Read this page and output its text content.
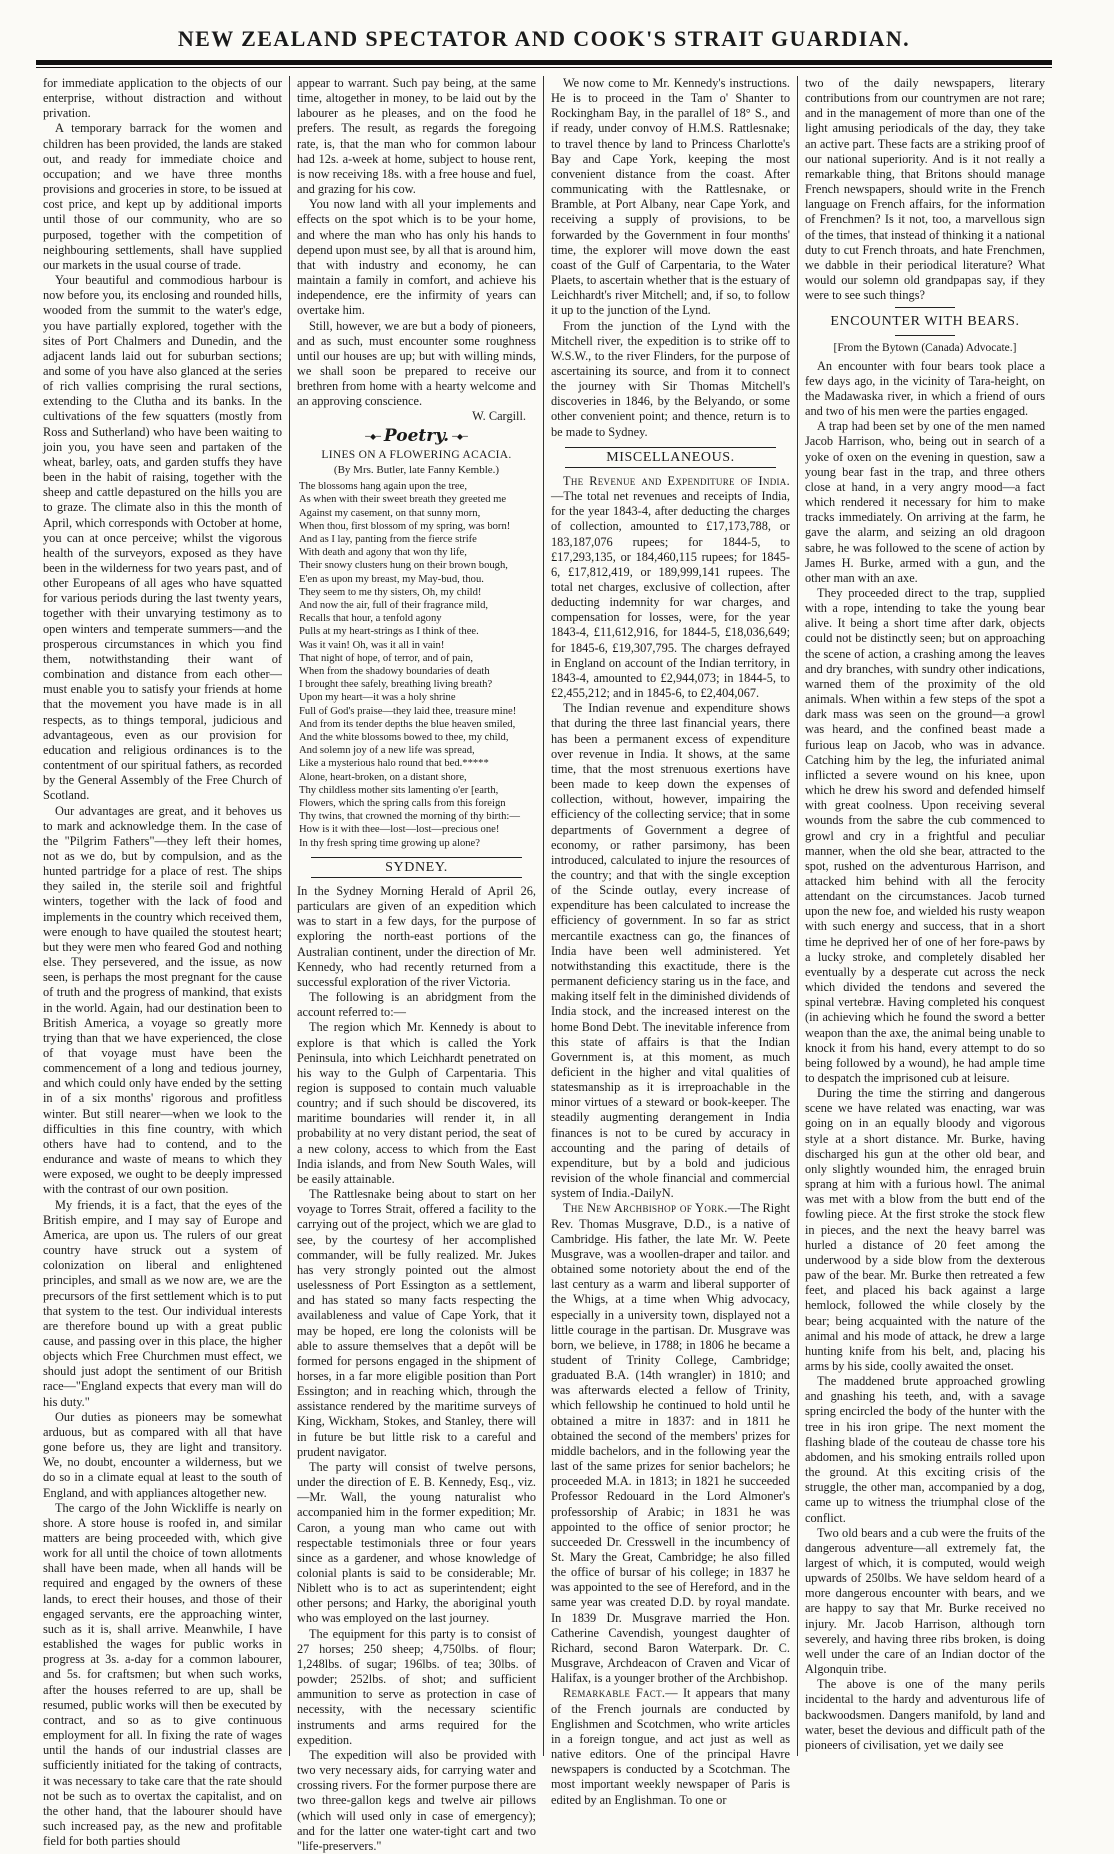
NEW ZEALAND SPECTATOR AND COOK'S STRAIT GUARDIAN.

for immediate application to the objects of our enterprise, without distraction and without privation.

A temporary barrack for the women and children has been provided, the lands are staked out, and ready for immediate choice and occupation; and we have three months provisions and groceries in store, to be issued at cost price, and kept up by additional imports until those of our community, who are so purposed, together with the competition of neighbouring settlements, shall have supplied our markets in the usual course of trade.

Your beautiful and commodious harbour is now before you, its enclosing and rounded hills, wooded from the summit to the water's edge, you have partially explored, together with the sites of Port Chalmers and Dunedin, and the adjacent lands laid out for suburban sections; and some of you have also glanced at the series of rich vallies comprising the rural sections, extending to the Clutha and its banks. In the cultivations of the few squatters (mostly from Ross and Sutherland) who have been waiting to join you, you have seen and partaken of the wheat, barley, oats, and garden stuffs they have been in the habit of raising, together with the sheep and cattle depastured on the hills you are to graze. The climate also in this the month of April, which corresponds with October at home, you can at once perceive; whilst the vigorous health of the surveyors, exposed as they have been in the wilderness for two years past, and of other Europeans of all ages who have squatted for various periods during the last twenty years, together with their unvarying testimony as to open winters and temperate summers—and the prosperous circumstances in which you find them, notwithstanding their want of combination and distance from each other—must enable you to satisfy your friends at home that the movement you have made is in all respects, as to things temporal, judicious and advantageous, even as our provision for education and religious ordinances is to the contentment of our spiritual fathers, as recorded by the General Assembly of the Free Church of Scotland.

Our advantages are great, and it behoves us to mark and acknowledge them. In the case of the "Pilgrim Fathers"—they left their homes, not as we do, but by compulsion, and as the hunted partridge for a place of rest. The ships they sailed in, the sterile soil and frightful winters, together with the lack of food and implements in the country which received them, were enough to have quailed the stoutest heart; but they were men who feared God and nothing else. They persevered, and the issue, as now seen, is perhaps the most pregnant for the cause of truth and the progress of mankind, that exists in the world. Again, had our destination been to British America, a voyage so greatly more trying than that we have experienced, the close of that voyage must have been the commencement of a long and tedious journey, and which could only have ended by the setting in of a six months' rigorous and profitless winter. But still nearer—when we look to the difficulties in this fine country, with which others have had to contend, and to the endurance and waste of means to which they were exposed, we ought to be deeply impressed with the contrast of our own position.

My friends, it is a fact, that the eyes of the British empire, and I may say of Europe and America, are upon us. The rulers of our great country have struck out a system of colonization on liberal and enlightened principles, and small as we now are, we are the precursors of the first settlement which is to put that system to the test. Our individual interests are therefore bound up with a great public cause, and passing over in this place, the higher objects which Free Churchmen must effect, we should just adopt the sentiment of our British race—"England expects that every man will do his duty."

Our duties as pioneers may be somewhat arduous, but as compared with all that have gone before us, they are light and transitory. We, no doubt, encounter a wilderness, but we do so in a climate equal at least to the south of England, and with appliances altogether new.

The cargo of the John Wickliffe is nearly on shore. A store house is roofed in, and similar matters are being proceeded with, which give work for all until the choice of town allotments shall have been made, when all hands will be required and engaged by the owners of these lands, to erect their houses, and those of their engaged servants, ere the approaching winter, such as it is, shall arrive. Meanwhile, I have established the wages for public works in progress at 3s. a-day for a common labourer, and 5s. for craftsmen; but when such works, after the houses referred to are up, shall be resumed, public works will then be executed by contract, and so as to give continuous employment for all. In fixing the rate of wages until the hands of our industrial classes are sufficiently initiated for the taking of contracts, it was necessary to take care that the rate should not be such as to overtax the capitalist, and on the other hand, that the labourer should have such increased pay, as the new and profitable field for both parties should

appear to warrant. Such pay being, at the same time, altogether in money, to be laid out by the labourer as he pleases, and on the food he prefers. The result, as regards the foregoing rate, is, that the man who for common labour had 12s. a-week at home, subject to house rent, is now receiving 18s. with a free house and fuel, and grazing for his cow.

You now land with all your implements and effects on the spot which is to be your home, and where the man who has only his hands to depend upon must see, by all that is around him, that with industry and economy, he can maintain a family in comfort, and achieve his independence, ere the infirmity of years can overtake him.

Still, however, we are but a body of pioneers, and as such, must encounter some roughness until our houses are up; but with willing minds, we shall soon be prepared to receive our brethren from home with a hearty welcome and an approving conscience.

W. Cargill.
─◆─ Poetry. ─◆─
LINES ON A FLOWERING ACACIA.
(By Mrs. Butler, late Fanny Kemble.)
The blossoms hang again upon the tree,
As when with their sweet breath they greeted me
Against my casement, on that sunny morn,
When thou, first blossom of my spring, was born!
And as I lay, panting from the fierce strife
With death and agony that won thy life,
Their snowy clusters hung on their brown bough,
E'en as upon my breast, my May-bud, thou.
They seem to me thy sisters, Oh, my child!
And now the air, full of their fragrance mild,
Recalls that hour, a tenfold agony
Pulls at my heart-strings as I think of thee.
Was it vain! Oh, was it all in vain!
That night of hope, of terror, and of pain,
When from the shadowy boundaries of death
I brought thee safely, breathing living breath?
Upon my heart—it was a holy shrine
Full of God's praise—they laid thee, treasure mine!
And from its tender depths the blue heaven smiled,
And the white blossoms bowed to thee, my child,
And solemn joy of a new life was spread,
Like a mysterious halo round that bed.*****
Alone, heart-broken, on a distant shore,
Thy childless mother sits lamenting o'er [earth,
Flowers, which the spring calls from this foreign
Thy twins, that crowned the morning of thy birth:—
How is it with thee—lost—lost—precious one!
In thy fresh spring time growing up alone?
SYDNEY.

In the Sydney Morning Herald of April 26, particulars are given of an expedition which was to start in a few days, for the purpose of exploring the north-east portions of the Australian continent, under the direction of Mr. Kennedy, who had recently returned from a successful exploration of the river Victoria.

The following is an abridgment from the account referred to:—

The region which Mr. Kennedy is about to explore is that which is called the York Peninsula, into which Leichhardt penetrated on his way to the Gulph of Carpentaria. This region is supposed to contain much valuable country; and if such should be discovered, its maritime boundaries will render it, in all probability at no very distant period, the seat of a new colony, access to which from the East India islands, and from New South Wales, will be easily attainable.

The Rattlesnake being about to start on her voyage to Torres Strait, offered a facility to the carrying out of the project, which we are glad to see, by the courtesy of her accomplished commander, will be fully realized. Mr. Jukes has very strongly pointed out the almost uselessness of Port Essington as a settlement, and has stated so many facts respecting the availableness and value of Cape York, that it may be hoped, ere long the colonists will be able to assure themselves that a depôt will be formed for persons engaged in the shipment of horses, in a far more eligible position than Port Essington; and in reaching which, through the assistance rendered by the maritime surveys of King, Wickham, Stokes, and Stanley, there will in future be but little risk to a careful and prudent navigator.

The party will consist of twelve persons, under the direction of E. B. Kennedy, Esq., viz.—Mr. Wall, the young naturalist who accompanied him in the former expedition; Mr. Caron, a young man who came out with respectable testimonials three or four years since as a gardener, and whose knowledge of colonial plants is said to be considerable; Mr. Niblett who is to act as superintendent; eight other persons; and Harky, the aboriginal youth who was employed on the last journey.

The equipment for this party is to consist of 27 horses; 250 sheep; 4,750lbs. of flour; 1,248lbs. of sugar; 196lbs. of tea; 30lbs. of powder; 252lbs. of shot; and sufficient ammunition to serve as protection in case of necessity, with the necessary scientific instruments and arms required for the expedition.

The expedition will also be provided with two very necessary aids, for carrying water and crossing rivers. For the former purpose there are two three-gallon kegs and twelve air pillows (which will used only in case of emergency); and for the latter one water-tight cart and two "life-preservers."

We now come to Mr. Kennedy's instructions. He is to proceed in the Tam o' Shanter to Rockingham Bay, in the parallel of 18° S., and if ready, under convoy of H.M.S. Rattlesnake; to travel thence by land to Princess Charlotte's Bay and Cape York, keeping the most convenient distance from the coast. After communicating with the Rattlesnake, or Bramble, at Port Albany, near Cape York, and receiving a supply of provisions, to be forwarded by the Government in four months' time, the explorer will move down the east coast of the Gulf of Carpentaria, to the Water Plaets, to ascertain whether that is the estuary of Leichhardt's river Mitchell; and, if so, to follow it up to the junction of the Lynd.

From the junction of the Lynd with the Mitchell river, the expedition is to strike off to W.S.W., to the river Flinders, for the purpose of ascertaining its source, and from it to connect the journey with Sir Thomas Mitchell's discoveries in 1846, by the Belyando, or some other convenient point; and thence, return is to be made to Sydney.

MISCELLANEOUS.

The Revenue and Expenditure of India.—The total net revenues and receipts of India, for the year 1843-4, after deducting the charges of collection, amounted to £17,173,788, or 183,187,076 rupees; for 1844-5, to £17,293,135, or 184,460,115 rupees; for 1845-6, £17,812,419, or 189,999,141 rupees. The total net charges, exclusive of collection, after deducting indemnity for war charges, and compensation for losses, were, for the year 1843-4, £11,612,916, for 1844-5, £18,036,649; for 1845-6, £19,307,795. The charges defrayed in England on account of the Indian territory, in 1843-4, amounted to £2,944,073; in 1844-5, to £2,455,212; and in 1845-6, to £2,404,067.

The Indian revenue and expenditure shows that during the three last financial years, there has been a permanent excess of expenditure over revenue in India. It shows, at the same time, that the most strenuous exertions have been made to keep down the expenses of collection, without, however, impairing the efficiency of the collecting service; that in some departments of Government a degree of economy, or rather parsimony, has been introduced, calculated to injure the resources of the country; and that with the single exception of the Scinde outlay, every increase of expenditure has been calculated to increase the efficiency of government. In so far as strict mercantile exactness can go, the finances of India have been well administered. Yet notwithstanding this exactitude, there is the permanent deficiency staring us in the face, and making itself felt in the diminished dividends of India stock, and the increased interest on the home Bond Debt. The inevitable inference from this state of affairs is that the Indian Government is, at this moment, as much deficient in the higher and vital qualities of statesmanship as it is irreproachable in the minor virtues of a steward or book-keeper. The steadily augmenting derangement in India finances is not to be cured by accuracy in accounting and the paring of details of expenditure, but by a bold and judicious revision of the whole financial and commercial system of India.-DailyN.

The New Archbishop of York.—The Right Rev. Thomas Musgrave, D.D., is a native of Cambridge. His father, the late Mr. W. Peete Musgrave, was a woollen-draper and tailor. and obtained some notoriety about the end of the last century as a warm and liberal supporter of the Whigs, at a time when Whig advocacy, especially in a university town, displayed not a little courage in the partisan. Dr. Musgrave was born, we believe, in 1788; in 1806 he became a student of Trinity College, Cambridge; graduated B.A. (14th wrangler) in 1810; and was afterwards elected a fellow of Trinity, which fellowship he continued to hold until he obtained a mitre in 1837: and in 1811 he obtained the second of the members' prizes for middle bachelors, and in the following year the last of the same prizes for senior bachelors; he proceeded M.A. in 1813; in 1821 he succeeded Professor Redouard in the Lord Almoner's professorship of Arabic; in 1831 he was appointed to the office of senior proctor; he succeeded Dr. Cresswell in the incumbency of St. Mary the Great, Cambridge; he also filled the office of bursar of his college; in 1837 he was appointed to the see of Hereford, and in the same year was created D.D. by royal mandate. In 1839 Dr. Musgrave married the Hon. Catherine Cavendish, youngest daughter of Richard, second Baron Waterpark. Dr. C. Musgrave, Archdeacon of Craven and Vicar of Halifax, is a younger brother of the Archbishop.

Remarkable Fact.— It appears that many of the French journals are conducted by Englishmen and Scotchmen, who write articles in a foreign tongue, and act just as well as native editors. One of the principal Havre newspapers is conducted by a Scotchman. The most important weekly newspaper of Paris is edited by an Englishman. To one or

two of the daily newspapers, literary contributions from our countrymen are not rare; and in the management of more than one of the light amusing periodicals of the day, they take an active part. These facts are a striking proof of our national superiority. And is it not really a remarkable thing, that Britons should manage French newspapers, should write in the French language on French affairs, for the information of Frenchmen? Is it not, too, a marvellous sign of the times, that instead of thinking it a national duty to cut French throats, and hate Frenchmen, we dabble in their periodical literature? What would our solemn old grandpapas say, if they were to see such things?

ENCOUNTER WITH BEARS.
[From the Bytown (Canada) Advocate.]

An encounter with four bears took place a few days ago, in the vicinity of Tara-height, on the Madawaska river, in which a friend of ours and two of his men were the parties engaged.

A trap had been set by one of the men named Jacob Harrison, who, being out in search of a yoke of oxen on the evening in question, saw a young bear fast in the trap, and three others close at hand, in a very angry mood—a fact which rendered it necessary for him to make tracks immediately. On arriving at the farm, he gave the alarm, and seizing an old dragoon sabre, he was followed to the scene of action by James H. Burke, armed with a gun, and the other man with an axe.

They proceeded direct to the trap, supplied with a rope, intending to take the young bear alive. It being a short time after dark, objects could not be distinctly seen; but on approaching the scene of action, a crashing among the leaves and dry branches, with sundry other indications, warned them of the proximity of the old animals. When within a few steps of the spot a dark mass was seen on the ground—a growl was heard, and the confined beast made a furious leap on Jacob, who was in advance. Catching him by the leg, the infuriated animal inflicted a severe wound on his knee, upon which he drew his sword and defended himself with great coolness. Upon receiving several wounds from the sabre the cub commenced to growl and cry in a frightful and peculiar manner, when the old she bear, attracted to the spot, rushed on the adventurous Harrison, and attacked him behind with all the ferocity attendant on the circumstances. Jacob turned upon the new foe, and wielded his rusty weapon with such energy and success, that in a short time he deprived her of one of her fore-paws by a lucky stroke, and completely disabled her eventually by a desperate cut across the neck which divided the tendons and severed the spinal vertebræ. Having completed his conquest (in achieving which he found the sword a better weapon than the axe, the animal being unable to knock it from his hand, every attempt to do so being followed by a wound), he had ample time to despatch the imprisoned cub at leisure.

During the time the stirring and dangerous scene we have related was enacting, war was going on in an equally bloody and vigorous style at a short distance. Mr. Burke, having discharged his gun at the other old bear, and only slightly wounded him, the enraged bruin sprang at him with a furious howl. The animal was met with a blow from the butt end of the fowling piece. At the first stroke the stock flew in pieces, and the next the heavy barrel was hurled a distance of 20 feet among the underwood by a side blow from the dexterous paw of the bear. Mr. Burke then retreated a few feet, and placed his back against a large hemlock, followed the while closely by the bear; being acquainted with the nature of the animal and his mode of attack, he drew a large hunting knife from his belt, and, placing his arms by his side, coolly awaited the onset.

The maddened brute approached growling and gnashing his teeth, and, with a savage spring encircled the body of the hunter with the tree in his iron gripe. The next moment the flashing blade of the couteau de chasse tore his abdomen, and his smoking entrails rolled upon the ground. At this exciting crisis of the struggle, the other man, accompanied by a dog, came up to witness the triumphal close of the conflict.

Two old bears and a cub were the fruits of the dangerous adventure—all extremely fat, the largest of which, it is computed, would weigh upwards of 250lbs. We have seldom heard of a more dangerous encounter with bears, and we are happy to say that Mr. Burke received no injury. Mr. Jacob Harrison, although torn severely, and having three ribs broken, is doing well under the care of an Indian doctor of the Algonquin tribe.

The above is one of the many perils incidental to the hardy and adventurous life of backwoodsmen. Dangers manifold, by land and water, beset the devious and difficult path of the pioneers of civilisation, yet we daily see
